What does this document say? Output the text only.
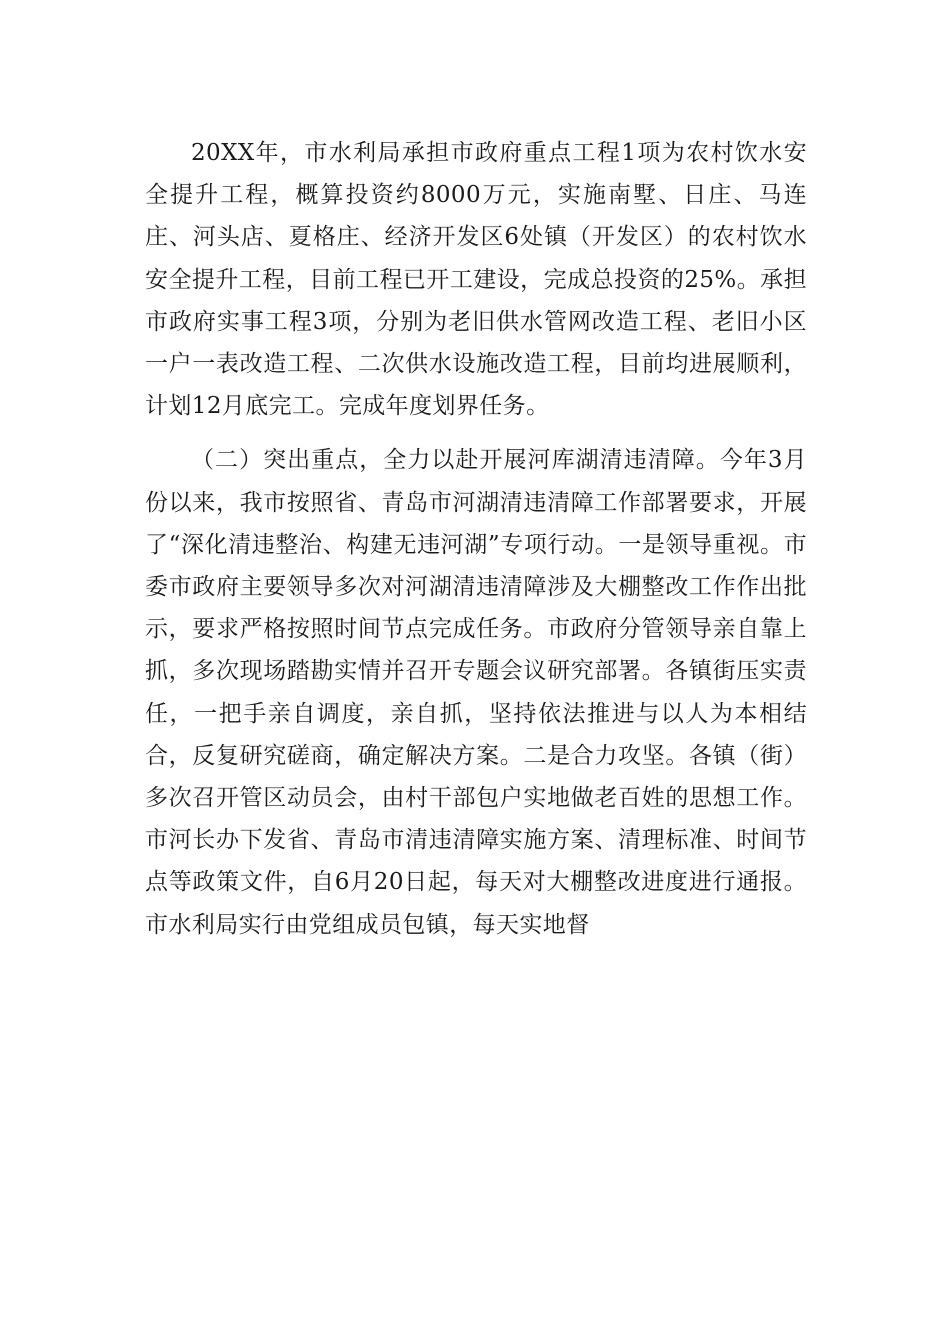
20XX年，市水利局承担市政府重点工程1项为农村饮水安全提升工程，概算投资约8000万元，实施南墅、日庄、马连庄、河头店、夏格庄、经济开发区6处镇（开发区）的农村饮水安全提升工程，目前工程已开工建设，完成总投资的25%。承担市政府实事工程3项，分别为老旧供水管网改造工程、老旧小区一户一表改造工程、二次供水设施改造工程，目前均进展顺利，计划12月底完工。完成年度划界任务。

（二）突出重点，全力以赴开展河库湖清违清障。今年3月份以来，我市按照省、青岛市河湖清违清障工作部署要求，开展了“深化清违整治、构建无违河湖”专项行动。一是领导重视。市委市政府主要领导多次对河湖清违清障涉及大棚整改工作作出批示，要求严格按照时间节点完成任务。市政府分管领导亲自靠上抓，多次现场踏勘实情并召开专题会议研究部署。各镇街压实责任，一把手亲自调度，亲自抓，坚持依法推进与以人为本相结合，反复研究磋商，确定解决方案。二是合力攻坚。各镇（街）多次召开管区动员会，由村干部包户实地做老百姓的思想工作。市河长办下发省、青岛市清违清障实施方案、清理标准、时间节点等政策文件，自6月20日起，每天对大棚整改进度进行通报。市水利局实行由党组成员包镇，每天实地督
